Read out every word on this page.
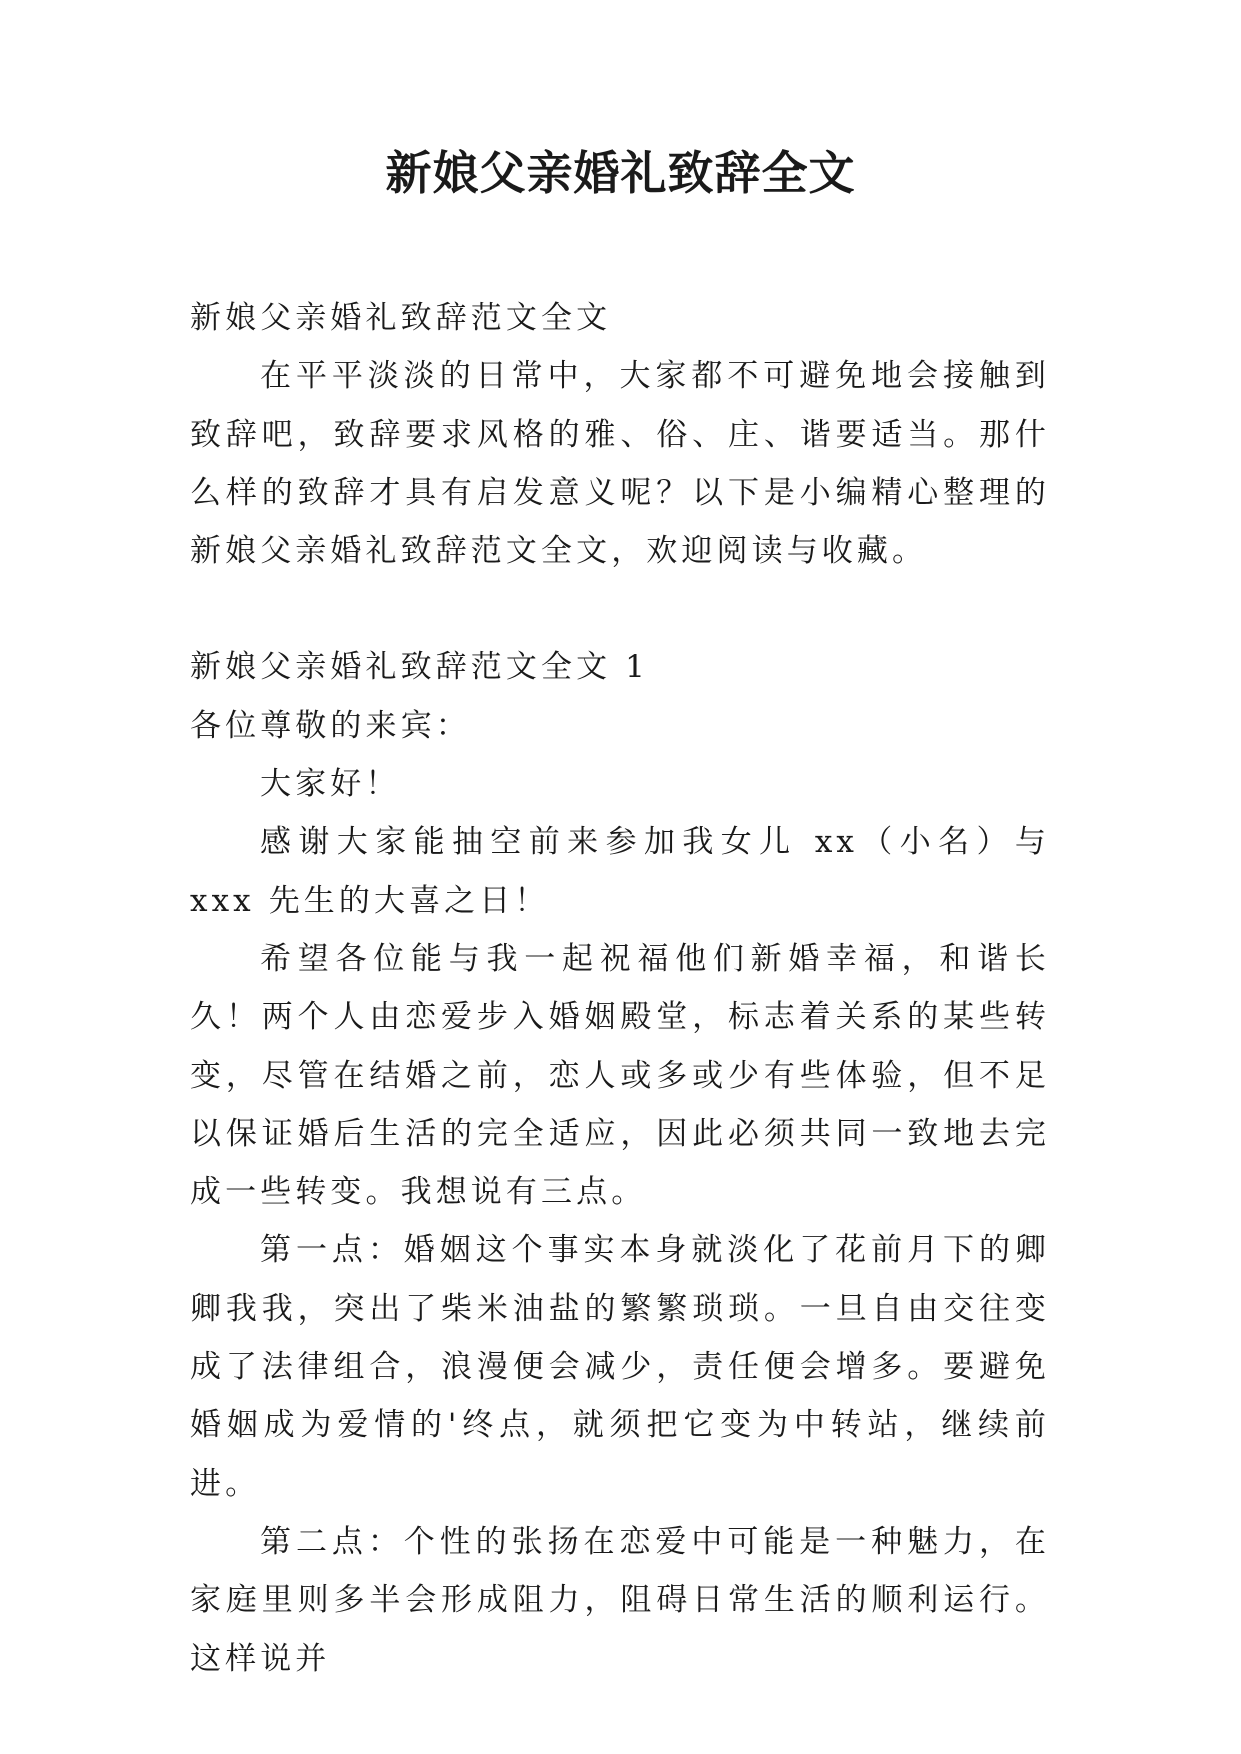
新娘父亲婚礼致辞全文

新娘父亲婚礼致辞范文全文

在平平淡淡的日常中，大家都不可避免地会接触到致辞吧，致辞要求风格的雅、俗、庄、谐要适当。那什么样的致辞才具有启发意义呢？以下是小编精心整理的新娘父亲婚礼致辞范文全文，欢迎阅读与收藏。

新娘父亲婚礼致辞范文全文 1

各位尊敬的来宾：

大家好！

感谢大家能抽空前来参加我女儿 xx（小名）与 xxx 先生的大喜之日！

希望各位能与我一起祝福他们新婚幸福，和谐长久！两个人由恋爱步入婚姻殿堂，标志着关系的某些转变，尽管在结婚之前，恋人或多或少有些体验，但不足以保证婚后生活的完全适应，因此必须共同一致地去完成一些转变。我想说有三点。

第一点：婚姻这个事实本身就淡化了花前月下的卿卿我我，突出了柴米油盐的繁繁琐琐。一旦自由交往变成了法律组合，浪漫便会减少，责任便会增多。要避免婚姻成为爱情的'终点，就须把它变为中转站，继续前进。

第二点：个性的张扬在恋爱中可能是一种魅力，在家庭里则多半会形成阻力，阻碍日常生活的顺利运行。这样说并
